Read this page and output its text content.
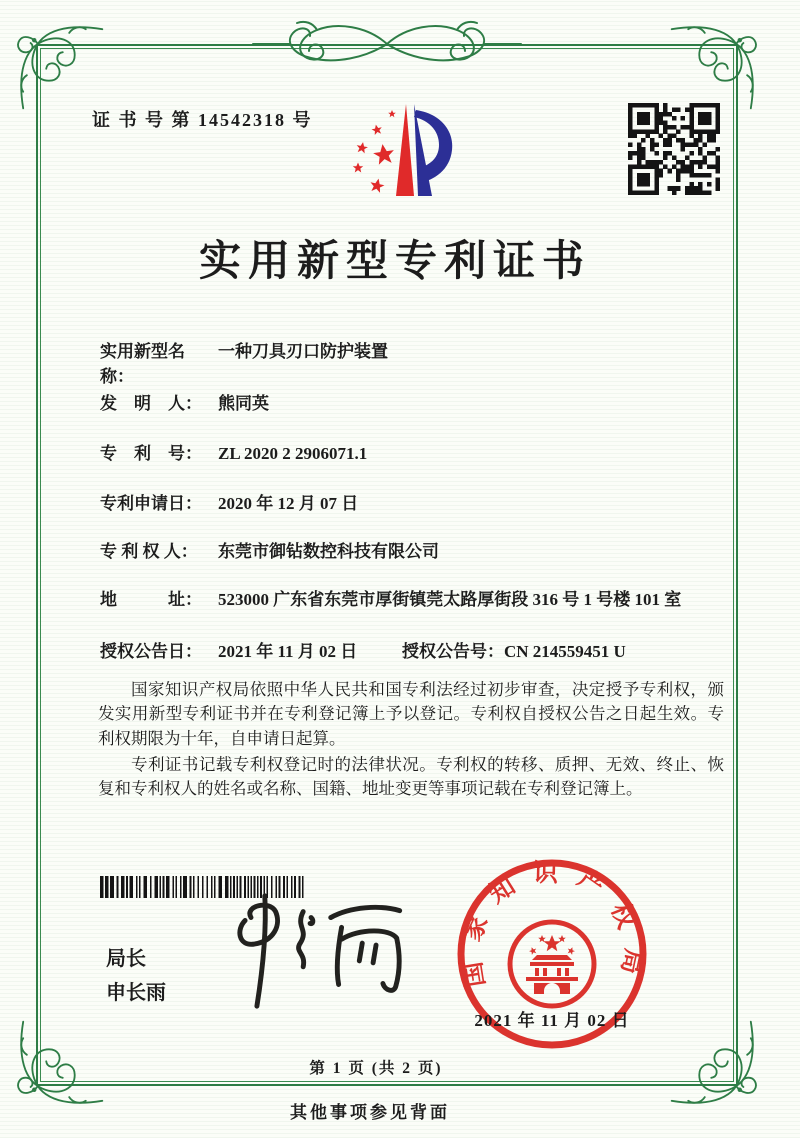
证 书 号 第 14542318 号
实用新型专利证书
实用新型名称：一种刀具刃口防护装置
发　明　人： 熊同英
专　利　号： ZL 2020 2 2906071.1
专利申请日： 2020 年 12 月 07 日
专 利 权 人： 东莞市御钻数控科技有限公司
地　　　址： 523000 广东省东莞市厚街镇莞太路厚街段 316 号 1 号楼 101 室
授权公告日： 2021 年 11 月 02 日	授权公告号：CN 214559451 U

国家知识产权局依照中华人民共和国专利法经过初步审查，决定授予专利权，颁发实用新型专利证书并在专利登记簿上予以登记。专利权自授权公告之日起生效。专利权期限为十年，自申请日起算。

专利证书记载专利权登记时的法律状况。专利权的转移、质押、无效、终止、恢复和专利权人的姓名或名称、国籍、地址变更等事项记载在专利登记簿上。

局长
申长雨
国家知识产权局
2021 年 11 月 02 日
第 1 页 (共 2 页)
其他事项参见背面
